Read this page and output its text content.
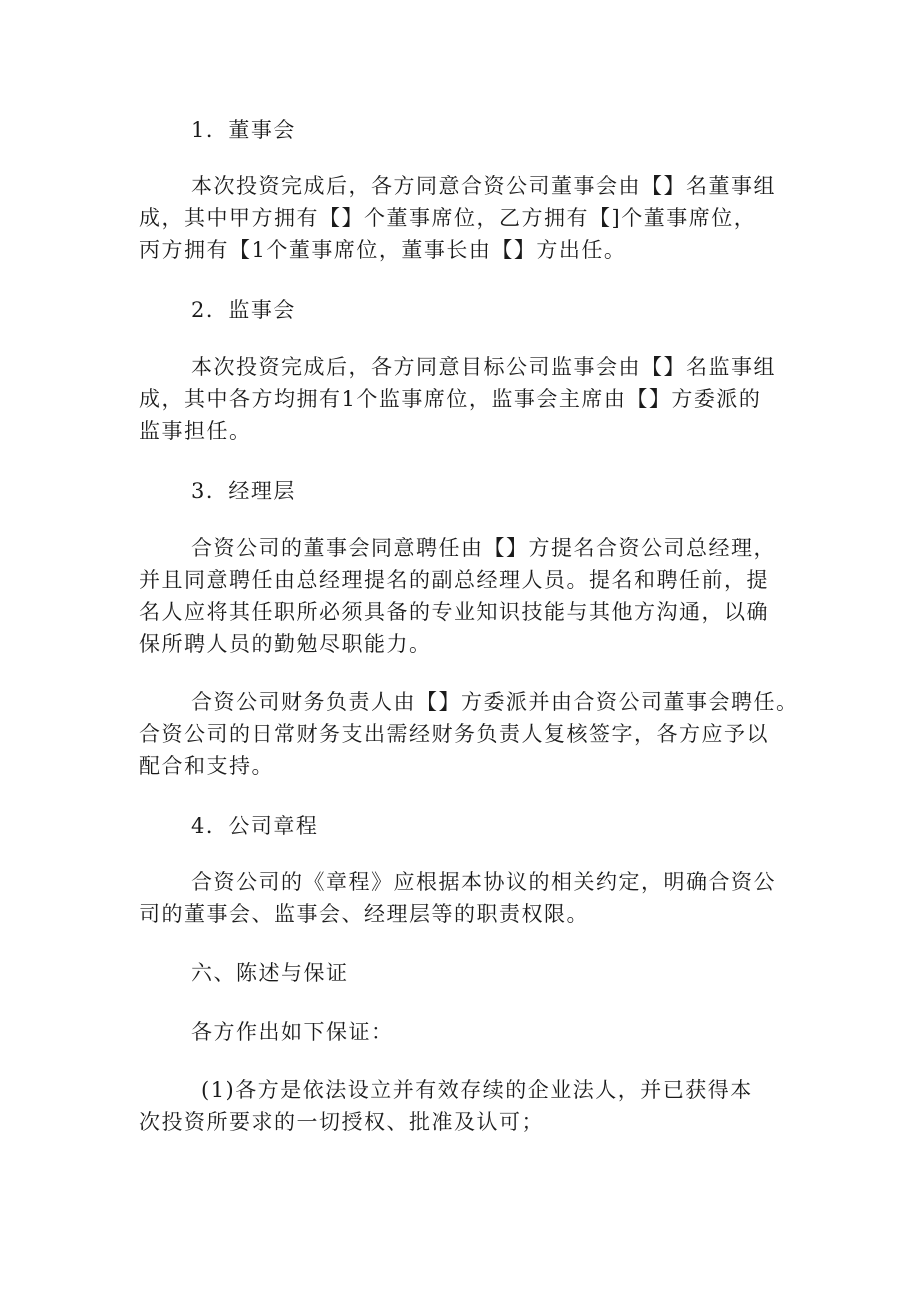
1．董事会
本次投资完成后，各方同意合资公司董事会由【】名董事组
成，其中甲方拥有【】个董事席位，乙方拥有【]个董事席位，
丙方拥有【1个董事席位，董事长由【】方出任。
2．监事会
本次投资完成后，各方同意目标公司监事会由【】名监事组
成，其中各方均拥有1个监事席位，监事会主席由【】方委派的
监事担任。
3．经理层
合资公司的董事会同意聘任由【】方提名合资公司总经理，
并且同意聘任由总经理提名的副总经理人员。提名和聘任前，提
名人应将其任职所必须具备的专业知识技能与其他方沟通，以确
保所聘人员的勤勉尽职能力。
合资公司财务负责人由【】方委派并由合资公司董事会聘任。
合资公司的日常财务支出需经财务负责人复核签字，各方应予以
配合和支持。
4．公司章程
合资公司的《章程》应根据本协议的相关约定，明确合资公
司的董事会、监事会、经理层等的职责权限。
六、陈述与保证
各方作出如下保证：
(1)各方是依法设立并有效存续的企业法人，并已获得本
次投资所要求的一切授权、批准及认可；
